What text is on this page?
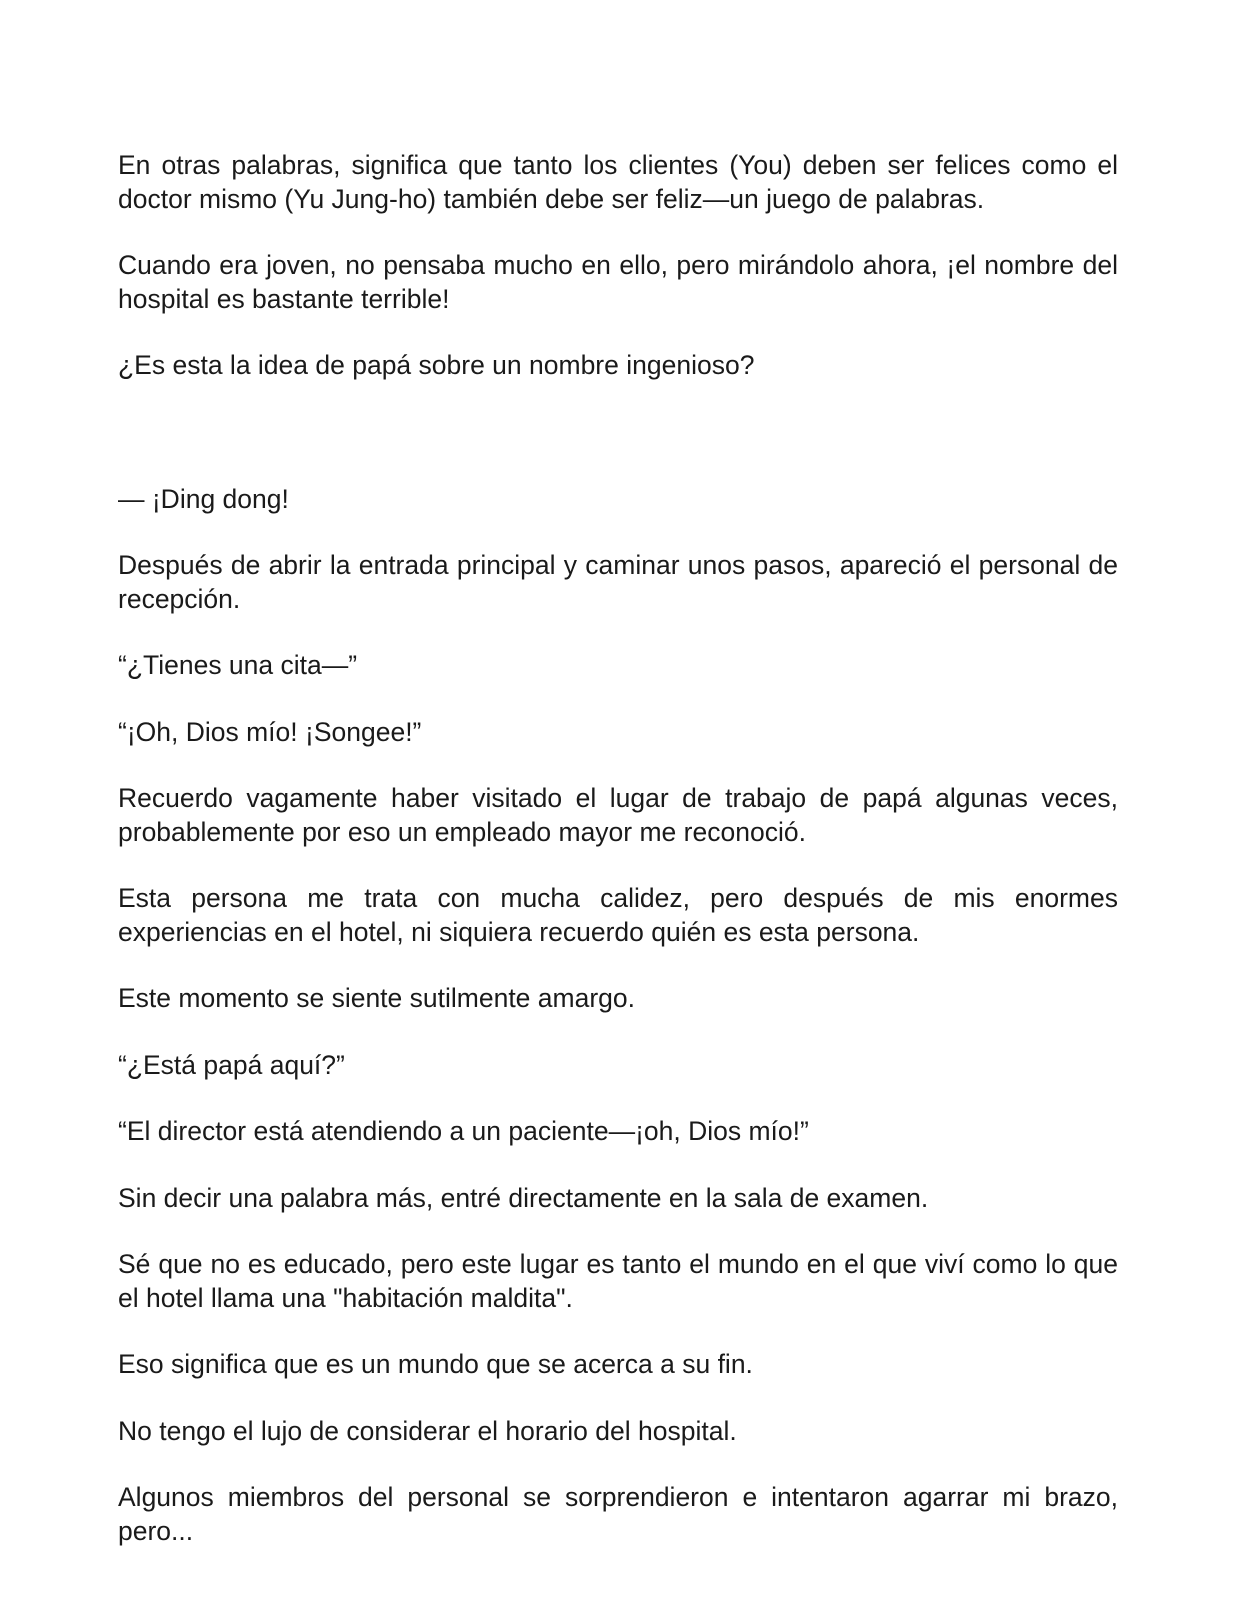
En otras palabras, significa que tanto los clientes (You) deben ser felices como el doctor mismo (Yu Jung-ho) también debe ser feliz—un juego de palabras.

Cuando era joven, no pensaba mucho en ello, pero mirándolo ahora, ¡el nombre del hospital es bastante terrible!

¿Es esta la idea de papá sobre un nombre ingenioso?

— ¡Ding dong!

Después de abrir la entrada principal y caminar unos pasos, apareció el personal de recepción.

“¿Tienes una cita—”

“¡Oh, Dios mío! ¡Songee!”

Recuerdo vagamente haber visitado el lugar de trabajo de papá algunas veces, probablemente por eso un empleado mayor me reconoció.

Esta persona me trata con mucha calidez, pero después de mis enormes experiencias en el hotel, ni siquiera recuerdo quién es esta persona.

Este momento se siente sutilmente amargo.

“¿Está papá aquí?”

“El director está atendiendo a un paciente—¡oh, Dios mío!”

Sin decir una palabra más, entré directamente en la sala de examen.

Sé que no es educado, pero este lugar es tanto el mundo en el que viví como lo que el hotel llama una "habitación maldita".

Eso significa que es un mundo que se acerca a su fin.

No tengo el lujo de considerar el horario del hospital.

Algunos miembros del personal se sorprendieron e intentaron agarrar mi brazo, pero...
